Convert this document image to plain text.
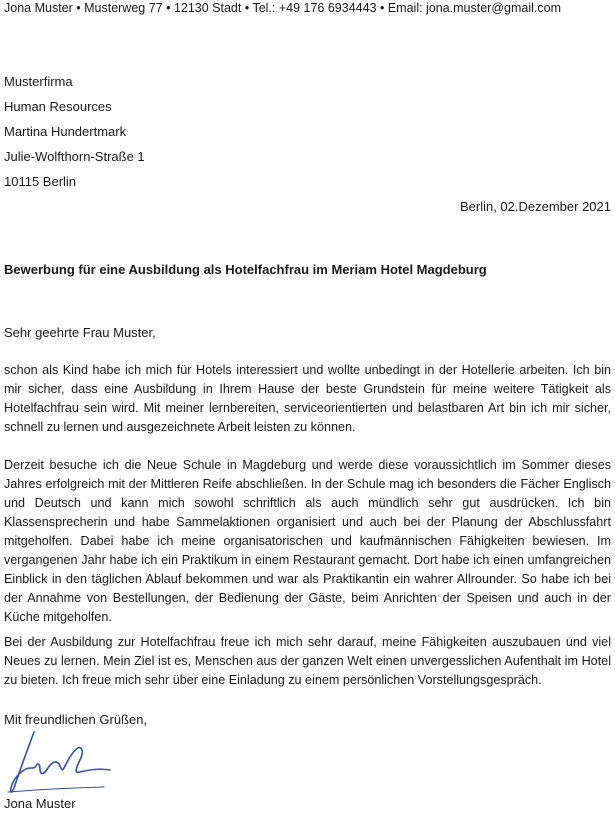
Jona Muster • Musterweg 77 • 12130 Stadt • Tel.: +49 176 6934443 • Email: jona.muster@gmail.com
Musterfirma
Human Resources
Martina Hundertmark
Julie-Wolfthorn-Straße 1
10115 Berlin
Berlin, 02.Dezember 2021
Bewerbung für eine Ausbildung als Hotelfachfrau im Meriam Hotel Magdeburg
Sehr geehrte Frau Muster,
schon als Kind habe ich mich für Hotels interessiert und wollte unbedingt in der Hotellerie arbeiten. Ich bin mir sicher, dass eine Ausbildung in Ihrem Hause der beste Grundstein für meine weitere Tätigkeit als Hotelfachfrau sein wird. Mit meiner lernbereiten, serviceorientierten und belastbaren Art bin ich mir sicher, schnell zu lernen und ausgezeichnete Arbeit leisten zu können.
Derzeit besuche ich die Neue Schule in Magdeburg und werde diese voraussichtlich im Sommer dieses Jahres erfolgreich mit der Mittleren Reife abschließen. In der Schule mag ich besonders die Fächer Englisch und Deutsch und kann mich sowohl schriftlich als auch mündlich sehr gut ausdrücken. Ich bin Klassensprecherin und habe Sammelaktionen organisiert und auch bei der Planung der Abschlussfahrt mitgeholfen. Dabei habe ich meine organisatorischen und kaufmännischen Fähigkeiten bewiesen. Im vergangenen Jahr habe ich ein Praktikum in einem Restaurant gemacht. Dort habe ich einen umfangreichen Einblick in den täglichen Ablauf bekommen und war als Praktikantin ein wahrer Allrounder. So habe ich bei der Annahme von Bestellungen, der Bedienung der Gäste, beim Anrichten der Speisen und auch in der Küche mitgeholfen.
Bei der Ausbildung zur Hotelfachfrau freue ich mich sehr darauf, meine Fähigkeiten auszubauen und viel Neues zu lernen. Mein Ziel ist es, Menschen aus der ganzen Welt einen unvergesslichen Aufenthalt im Hotel zu bieten. Ich freue mich sehr über eine Einladung zu einem persönlichen Vorstellungsgespräch.
Mit freundlichen Grüßen,
Jona Muster
